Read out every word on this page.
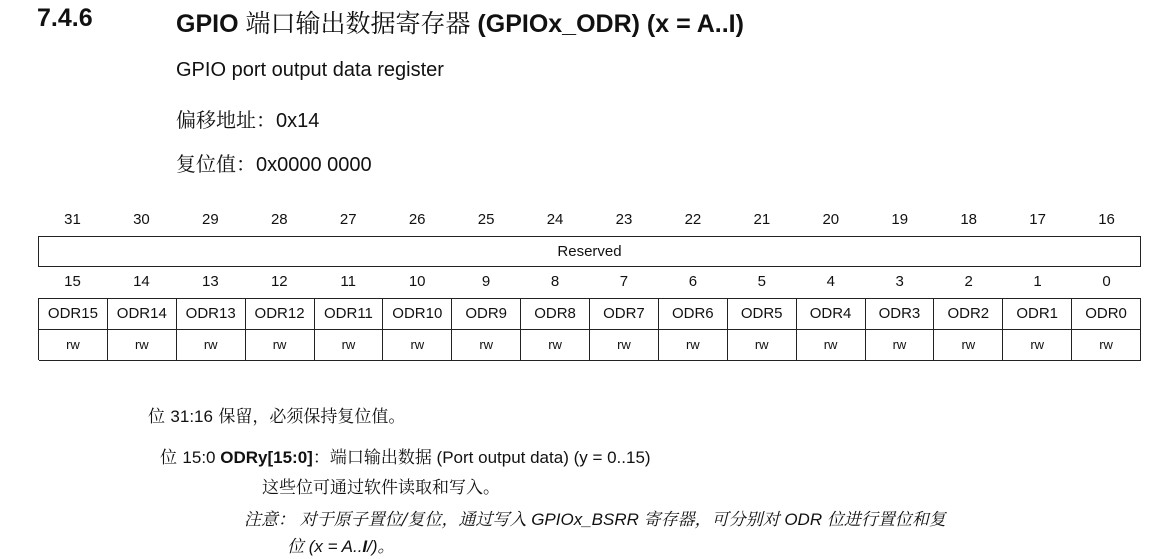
7.4.6	GPIO 端口输出数据寄存器 (GPIOx_ODR) (x = A..I)
GPIO port output data register
偏移地址：0x14
复位值：0x0000 0000
31	30	29	28	27	26	25	24	23	22	21	20	19	18	17	16
Reserved
15	14	13	12	11	10	9	8	7	6	5	4	3	2	1	0
ODR15	ODR14	ODR13	ODR12	ODR11	ODR10	ODR9	ODR8	ODR7	ODR6	ODR5	ODR4	ODR3	ODR2	ODR1	ODR0
rw	rw	rw	rw	rw	rw	rw	rw	rw	rw	rw	rw	rw	rw	rw	rw
位 31:16 保留，必须保持复位值。
位 15:0 ODRy[15:0]：端口输出数据 (Port output data) (y = 0..15)
这些位可通过软件读取和写入。
注意： 对于原子置位/复位，通过写入 GPIOx_BSRR 寄存器，可分别对 ODR 位进行置位和复
位 (x = A..I/)。
